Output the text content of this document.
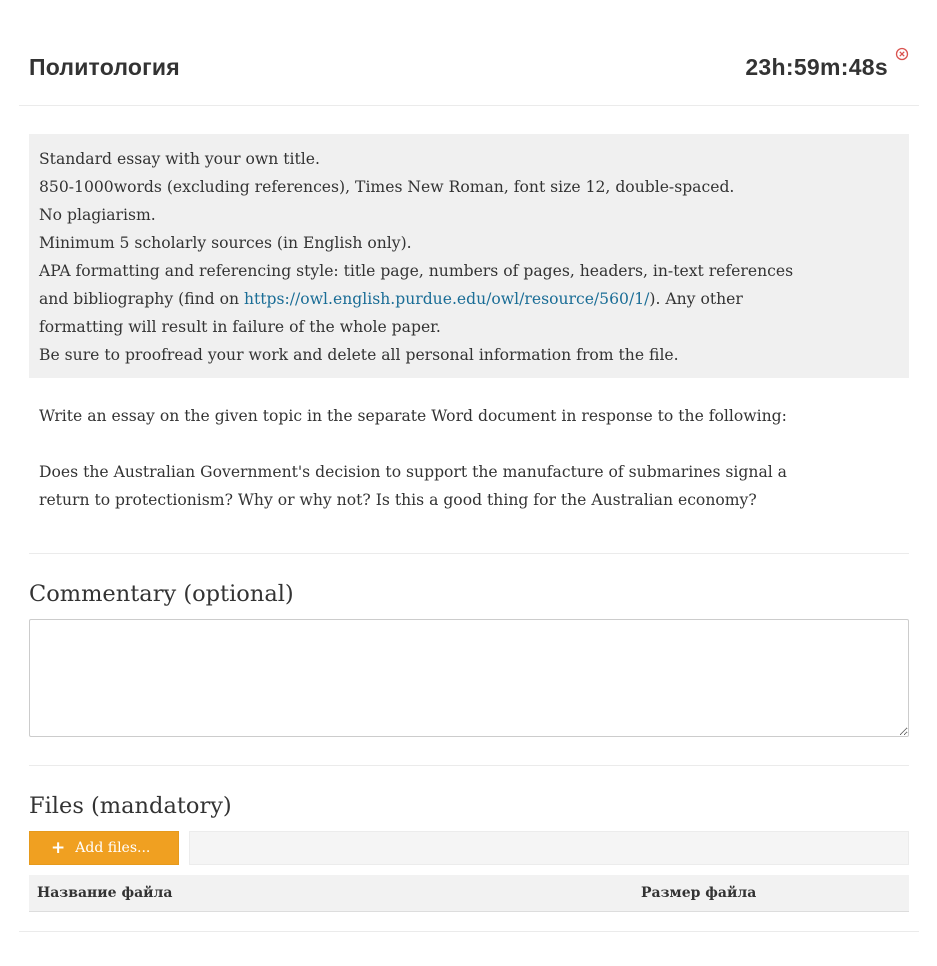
Политология	23h:59m:48s
Standard essay with your own title.
850-1000words (excluding references), Times New Roman, font size 12, double-spaced.
No plagiarism.
Minimum 5 scholarly sources (in English only).
APA formatting and referencing style: title page, numbers of pages, headers, in-text references
and bibliography (find on https://owl.english.purdue.edu/owl/resource/560/1/). Any other
formatting will result in failure of the whole paper.
Be sure to proofread your work and delete all personal information from the file.

Write an essay on the given topic in the separate Word document in response to the following:

Does the Australian Government's decision to support the manufacture of submarines signal a

return to protectionism? Why or why not? Is this a good thing for the Australian economy?

Commentary (optional)
Files (mandatory)
+ Add files...
Название файла	Размер файла
